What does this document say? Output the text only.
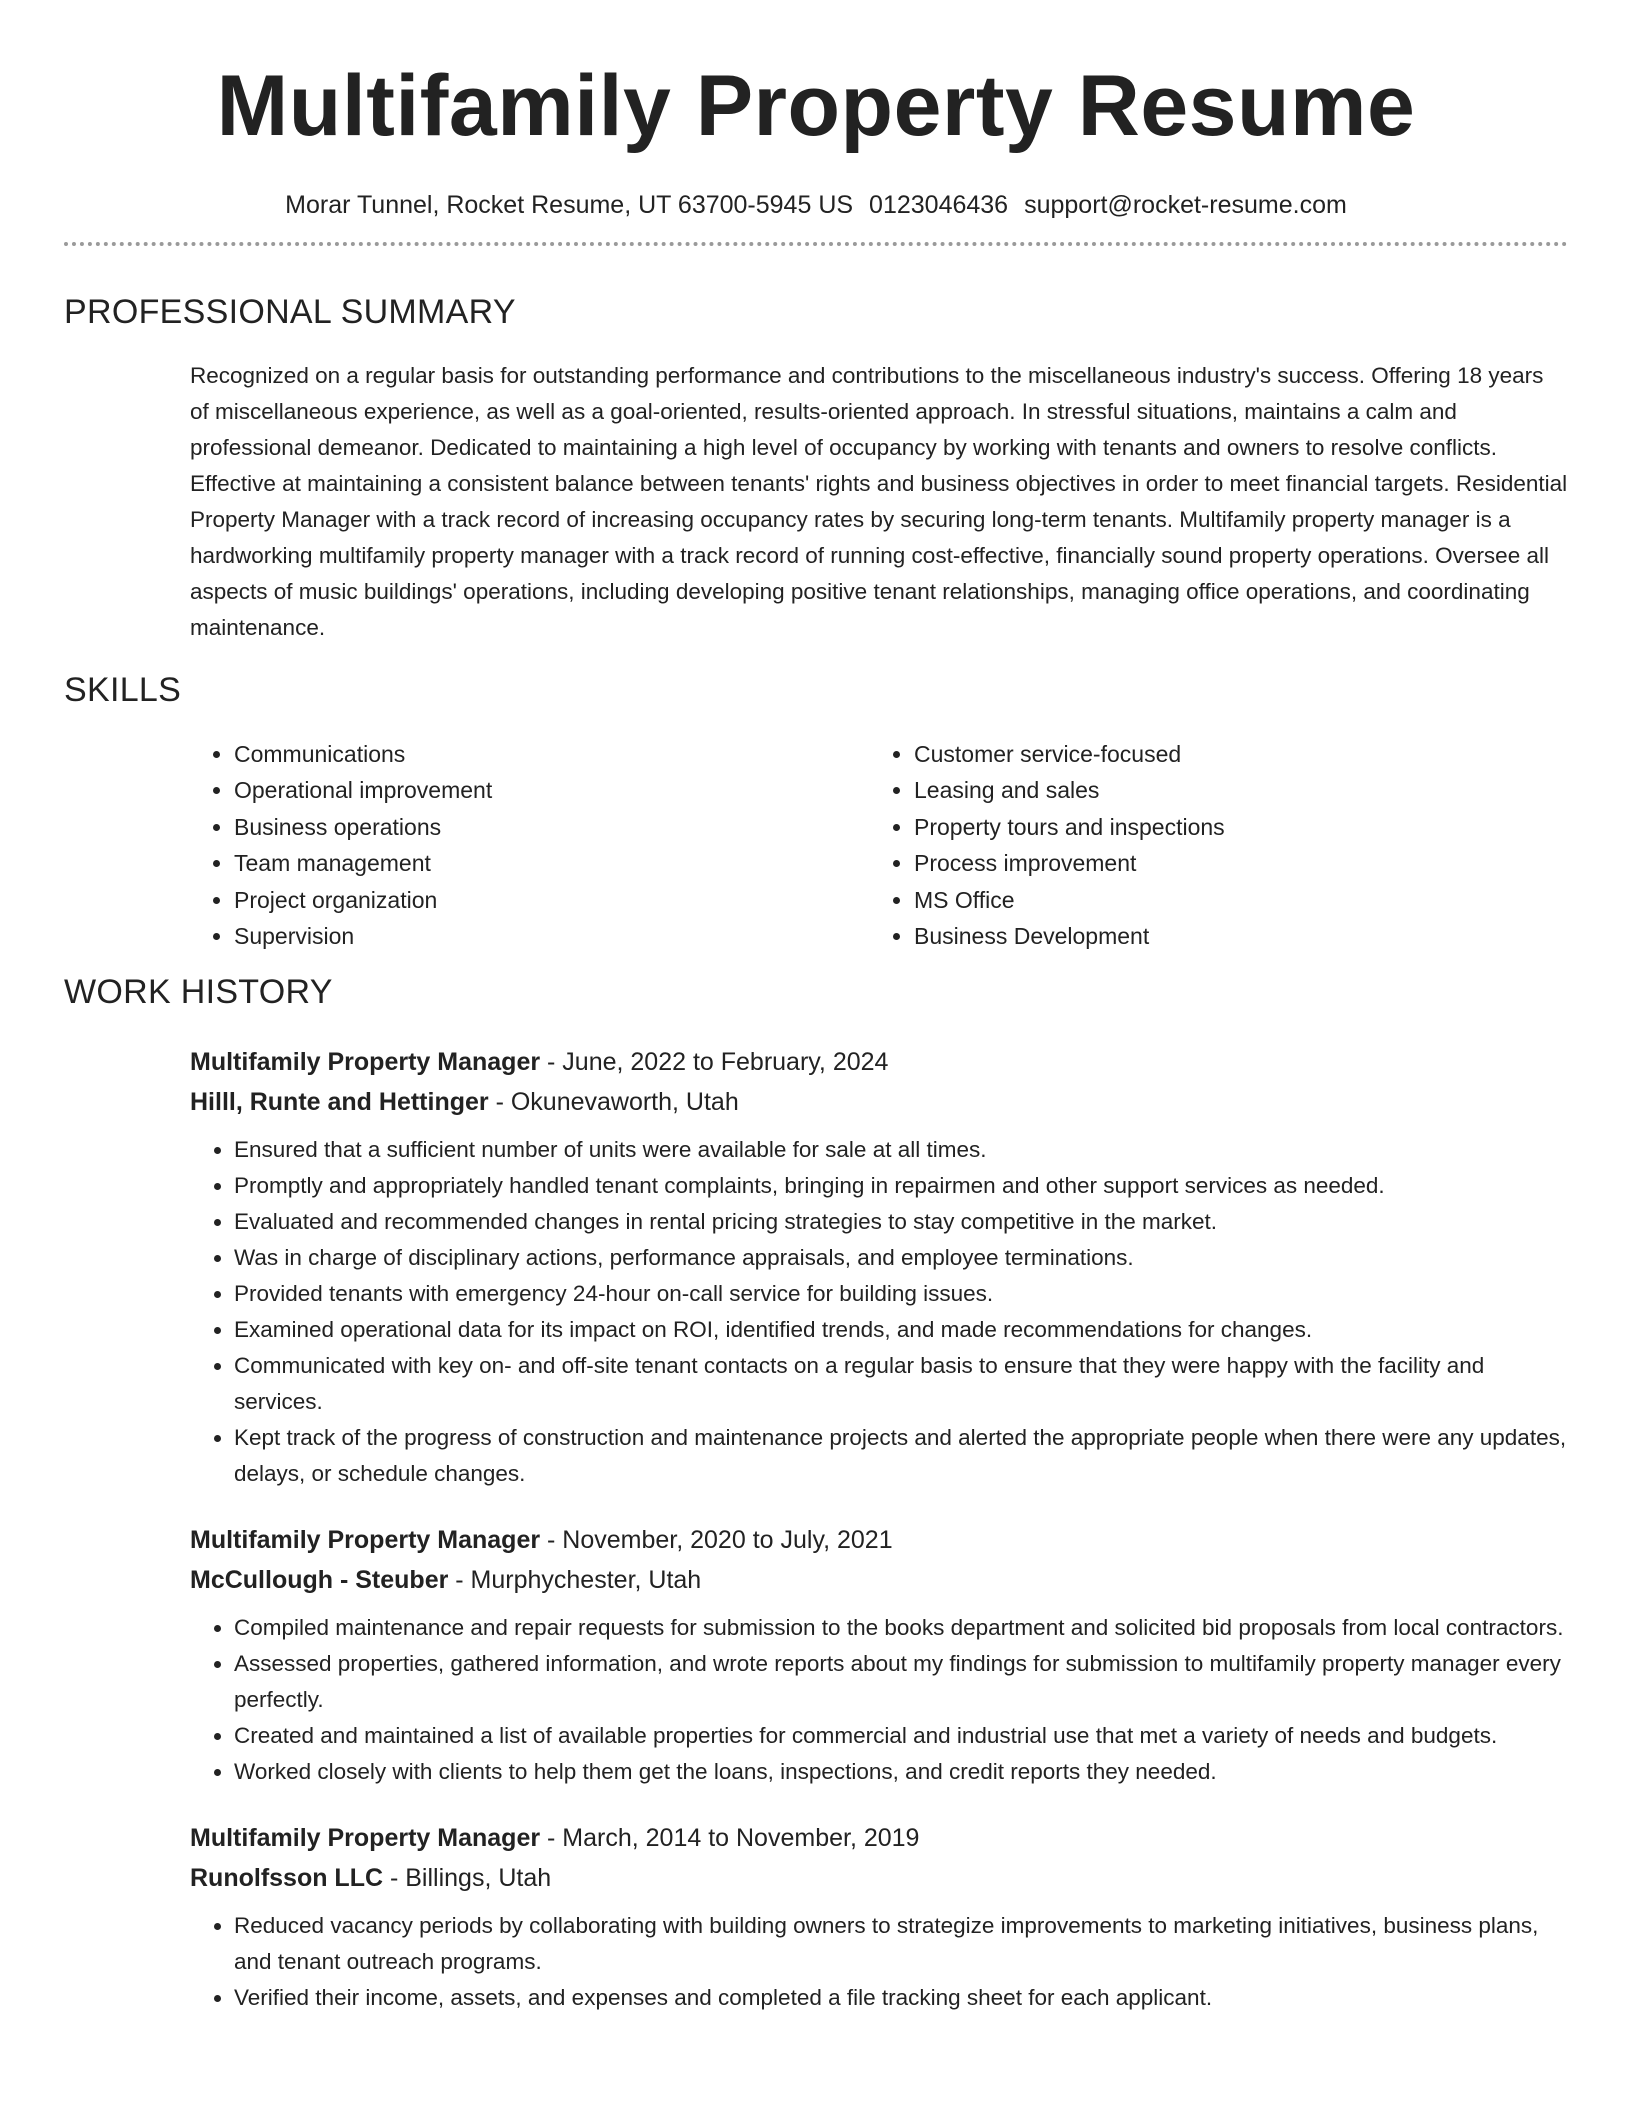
Multifamily Property Resume
Morar Tunnel, Rocket Resume, UT 63700-5945 US 0123046436 support@rocket-resume.com
PROFESSIONAL SUMMARY

Recognized on a regular basis for outstanding performance and contributions to the miscellaneous industry's success. Offering 18 years of miscellaneous experience, as well as a goal-oriented, results-oriented approach. In stressful situations, maintains a calm and professional demeanor. Dedicated to maintaining a high level of occupancy by working with tenants and owners to resolve conflicts. Effective at maintaining a consistent balance between tenants' rights and business objectives in order to meet financial targets. Residential Property Manager with a track record of increasing occupancy rates by securing long-term tenants. Multifamily property manager is a hardworking multifamily property manager with a track record of running cost-effective, financially sound property operations. Oversee all aspects of music buildings' operations, including developing positive tenant relationships, managing office operations, and coordinating maintenance.

SKILLS
• Communications
• Operational improvement
• Business operations
• Team management
• Project organization
• Supervision
• Customer service-focused
• Leasing and sales
• Property tours and inspections
• Process improvement
• MS Office
• Business Development
WORK HISTORY
Multifamily Property Manager - June, 2022 to February, 2024
Hilll, Runte and Hettinger - Okunevaworth, Utah
• Ensured that a sufficient number of units were available for sale at all times.
• Promptly and appropriately handled tenant complaints, bringing in repairmen and other support services as needed.
• Evaluated and recommended changes in rental pricing strategies to stay competitive in the market.
• Was in charge of disciplinary actions, performance appraisals, and employee terminations.
• Provided tenants with emergency 24-hour on-call service for building issues.
• Examined operational data for its impact on ROI, identified trends, and made recommendations for changes.
• Communicated with key on- and off-site tenant contacts on a regular basis to ensure that they were happy with the facility and services.
• Kept track of the progress of construction and maintenance projects and alerted the appropriate people when there were any updates, delays, or schedule changes.
Multifamily Property Manager - November, 2020 to July, 2021
McCullough - Steuber - Murphychester, Utah
• Compiled maintenance and repair requests for submission to the books department and solicited bid proposals from local contractors.
• Assessed properties, gathered information, and wrote reports about my findings for submission to multifamily property manager every perfectly.
• Created and maintained a list of available properties for commercial and industrial use that met a variety of needs and budgets.
• Worked closely with clients to help them get the loans, inspections, and credit reports they needed.
Multifamily Property Manager - March, 2014 to November, 2019
Runolfsson LLC - Billings, Utah
• Reduced vacancy periods by collaborating with building owners to strategize improvements to marketing initiatives, business plans, and tenant outreach programs.
• Verified their income, assets, and expenses and completed a file tracking sheet for each applicant.
